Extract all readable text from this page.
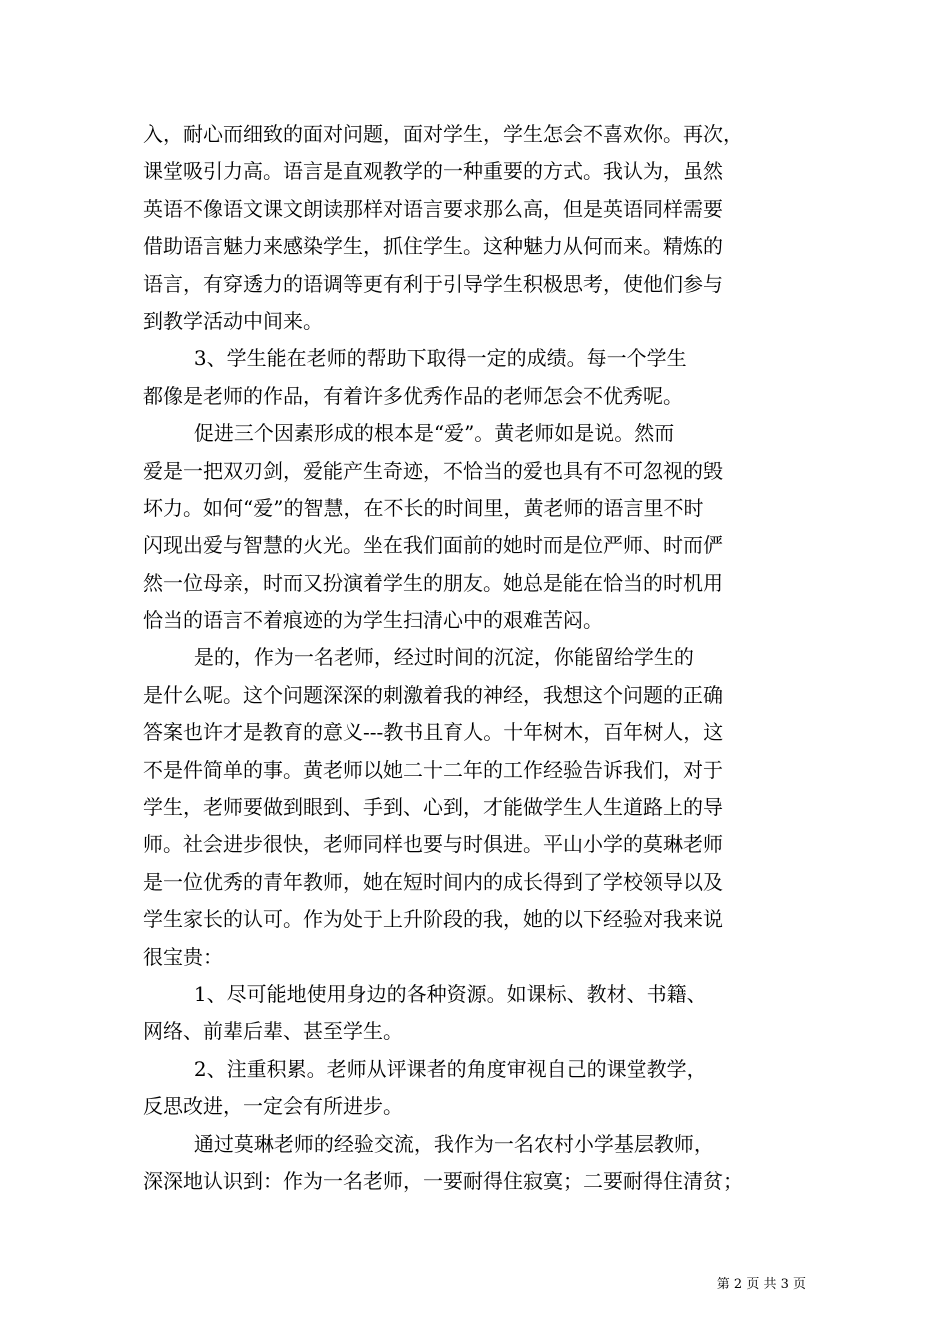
入，耐心而细致的面对问题，面对学生，学生怎会不喜欢你。再次，
课堂吸引力高。语言是直观教学的一种重要的方式。我认为，虽然
英语不像语文课文朗读那样对语言要求那么高，但是英语同样需要
借助语言魅力来感染学生，抓住学生。这种魅力从何而来。精炼的
语言，有穿透力的语调等更有利于引导学生积极思考，使他们参与
到教学活动中间来。
3、学生能在老师的帮助下取得一定的成绩。每一个学生
都像是老师的作品，有着许多优秀作品的老师怎会不优秀呢。
促进三个因素形成的根本是“爱”。黄老师如是说。然而
爱是一把双刃剑，爱能产生奇迹，不恰当的爱也具有不可忽视的毁
坏力。如何“爱”的智慧，在不长的时间里，黄老师的语言里不时
闪现出爱与智慧的火光。坐在我们面前的她时而是位严师、时而俨
然一位母亲，时而又扮演着学生的朋友。她总是能在恰当的时机用
恰当的语言不着痕迹的为学生扫清心中的艰难苦闷。
是的，作为一名老师，经过时间的沉淀，你能留给学生的
是什么呢。这个问题深深的刺激着我的神经，我想这个问题的正确
答案也许才是教育的意义---教书且育人。十年树木，百年树人，这
不是件简单的事。黄老师以她二十二年的工作经验告诉我们，对于
学生，老师要做到眼到、手到、心到，才能做学生人生道路上的导
师。社会进步很快，老师同样也要与时俱进。平山小学的莫琳老师
是一位优秀的青年教师，她在短时间内的成长得到了学校领导以及
学生家长的认可。作为处于上升阶段的我，她的以下经验对我来说
很宝贵：
1、尽可能地使用身边的各种资源。如课标、教材、书籍、
网络、前辈后辈、甚至学生。
2、注重积累。老师从评课者的角度审视自己的课堂教学，
反思改进，一定会有所进步。
通过莫琳老师的经验交流，我作为一名农村小学基层教师，
深深地认识到：作为一名老师，一要耐得住寂寞；二要耐得住清贫；
第 2 页 共 3 页
